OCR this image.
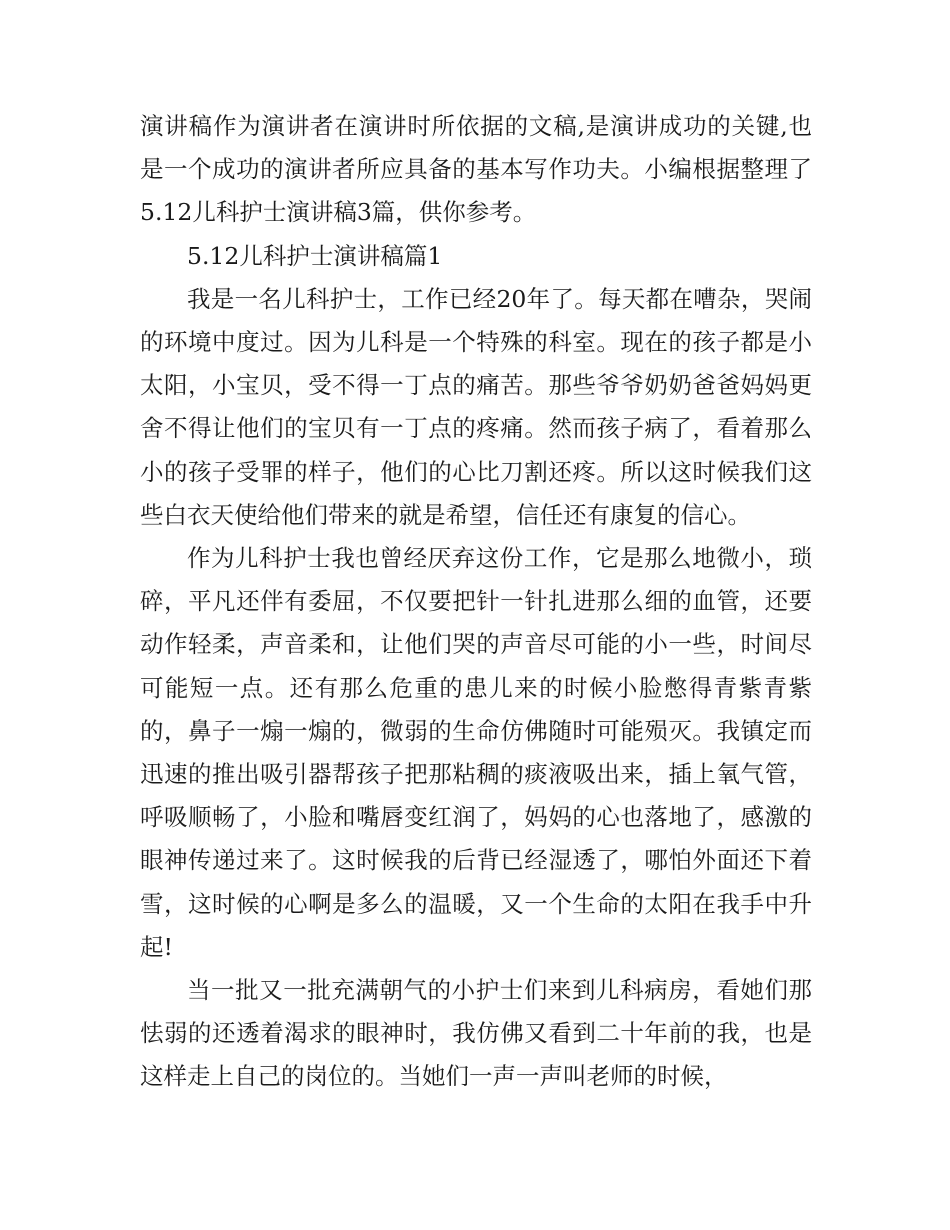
演讲稿作为演讲者在演讲时所依据的文稿,是演讲成功的关键,也是一个成功的演讲者所应具备的基本写作功夫。小编根据整理了5.12儿科护士演讲稿3篇，供你参考。

5.12儿科护士演讲稿篇1

我是一名儿科护士，工作已经20年了。每天都在嘈杂，哭闹的环境中度过。因为儿科是一个特殊的科室。现在的孩子都是小太阳，小宝贝，受不得一丁点的痛苦。那些爷爷奶奶爸爸妈妈更舍不得让他们的宝贝有一丁点的疼痛。然而孩子病了，看着那么小的孩子受罪的样子，他们的心比刀割还疼。所以这时候我们这些白衣天使给他们带来的就是希望，信任还有康复的信心。

作为儿科护士我也曾经厌弃这份工作，它是那么地微小，琐碎，平凡还伴有委屈，不仅要把针一针扎进那么细的血管，还要动作轻柔，声音柔和，让他们哭的声音尽可能的小一些，时间尽可能短一点。还有那么危重的患儿来的时候小脸憋得青紫青紫的，鼻子一煽一煽的，微弱的生命仿佛随时可能殒灭。我镇定而迅速的推出吸引器帮孩子把那粘稠的痰液吸出来，插上氧气管，呼吸顺畅了，小脸和嘴唇变红润了，妈妈的心也落地了，感激的眼神传递过来了。这时候我的后背已经湿透了，哪怕外面还下着雪，这时候的心啊是多么的温暖，又一个生命的太阳在我手中升起!

当一批又一批充满朝气的小护士们来到儿科病房，看她们那怯弱的还透着渴求的眼神时，我仿佛又看到二十年前的我，也是这样走上自己的岗位的。当她们一声一声叫老师的时候，
